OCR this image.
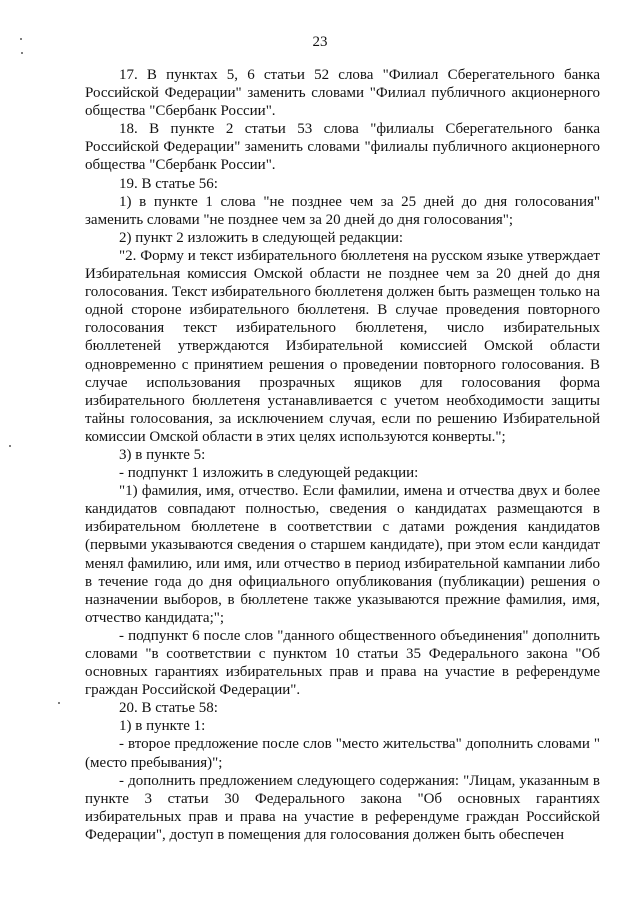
23

17. В пунктах 5, 6 статьи 52 слова "Филиал Сберегательного банка Российской Федерации" заменить словами "Филиал публичного акционерного общества "Сбербанк России".

18. В пункте 2 статьи 53 слова "филиалы Сберегательного банка Российской Федерации" заменить словами "филиалы публичного акционерного общества "Сбербанк России".

19. В статье 56:

1) в пункте 1 слова "не позднее чем за 25 дней до дня голосования" заменить словами "не позднее чем за 20 дней до дня голосования";

2) пункт 2 изложить в следующей редакции:

"2. Форму и текст избирательного бюллетеня на русском языке утверждает Избирательная комиссия Омской области не позднее чем за 20 дней до дня голосования. Текст избирательного бюллетеня должен быть размещен только на одной стороне избирательного бюллетеня. В случае проведения повторного голосования текст избирательного бюллетеня, число избирательных бюллетеней утверждаются Избирательной комиссией Омской области одновременно с принятием решения о проведении повторного голосования. В случае использования прозрачных ящиков для голосования форма избирательного бюллетеня устанавливается с учетом необходимости защиты тайны голосования, за исключением случая, если по решению Избирательной комиссии Омской области в этих целях используются конверты.";

3) в пункте 5:

- подпункт 1 изложить в следующей редакции:

"1) фамилия, имя, отчество. Если фамилии, имена и отчества двух и более кандидатов совпадают полностью, сведения о кандидатах размещаются в избирательном бюллетене в соответствии с датами рождения кандидатов (первыми указываются сведения о старшем кандидате), при этом если кандидат менял фамилию, или имя, или отчество в период избирательной кампании либо в течение года до дня официального опубликования (публикации) решения о назначении выборов, в бюллетене также указываются прежние фамилия, имя, отчество кандидата;";

- подпункт 6 после слов "данного общественного объединения" дополнить словами "в соответствии с пунктом 10 статьи 35 Федерального закона "Об основных гарантиях избирательных прав и права на участие в референдуме граждан Российской Федерации".

20. В статье 58:

1) в пункте 1:

- второе предложение после слов "место жительства" дополнить словами "(место пребывания)";

- дополнить предложением следующего содержания: "Лицам, указанным в пункте 3 статьи 30 Федерального закона "Об основных гарантиях избирательных прав и права на участие в референдуме граждан Российской Федерации", доступ в помещения для голосования должен быть обеспечен
